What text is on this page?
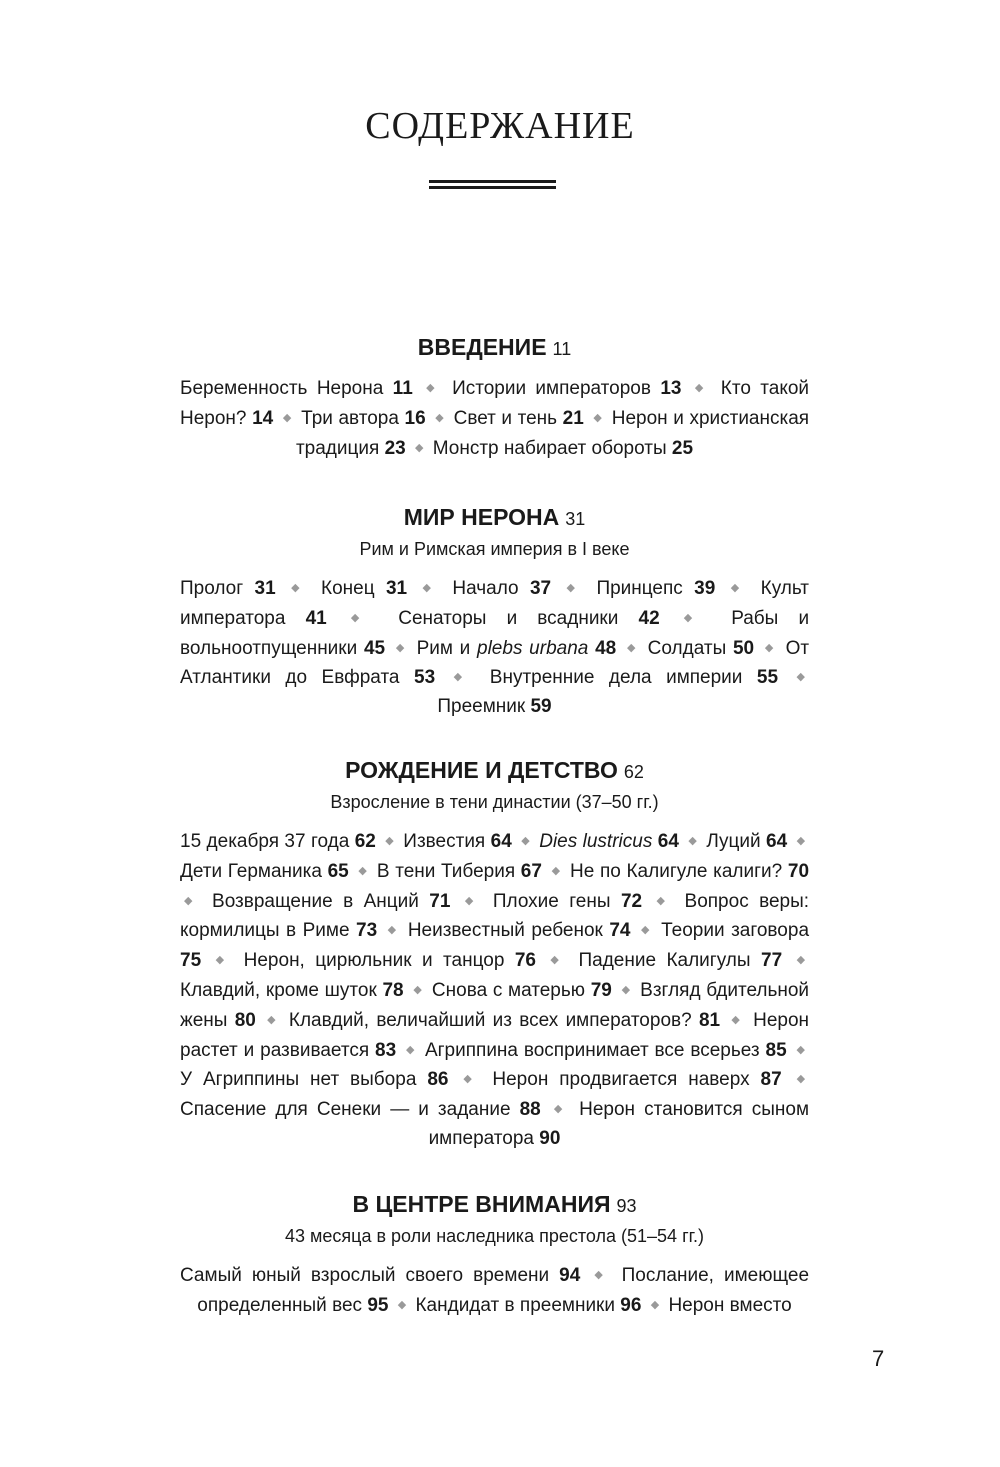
СОДЕРЖАНИЕ
ВВЕДЕНИЕ 11
Беременность Нерона 11 ◆ Истории императоров 13 ◆ Кто такой Нерон? 14 ◆ Три автора 16 ◆ Свет и тень 21 ◆ Нерон и христианская традиция 23 ◆ Монстр набирает обороты 25
МИР НЕРОНА 31
Рим и Римская империя в I веке
Пролог 31 ◆ Конец 31 ◆ Начало 37 ◆ Принцепс 39 ◆ Культ императора 41 ◆ Сенаторы и всадники 42 ◆ Рабы и вольноотпущенники 45 ◆ Рим и plebs urbana 48 ◆ Солдаты 50 ◆ От Атлантики до Евфрата 53 ◆ Внутренние дела империи 55 ◆ Преемник 59
РОЖДЕНИЕ И ДЕТСТВО 62
Взросление в тени династии (37–50 гг.)
15 декабря 37 года 62 ◆ Известия 64 ◆ Dies lustricus 64 ◆ Луций 64 ◆ Дети Германика 65 ◆ В тени Тиберия 67 ◆ Не по Калигуле калиги? 70 ◆ Возвращение в Анций 71 ◆ Плохие гены 72 ◆ Вопрос веры: кормилицы в Риме 73 ◆ Неизвестный ребенок 74 ◆ Теории заговора 75 ◆ Нерон, цирюльник и танцор 76 ◆ Падение Калигулы 77 ◆ Клавдий, кроме шуток 78 ◆ Снова с матерью 79 ◆ Взгляд бдительной жены 80 ◆ Клавдий, величайший из всех императоров? 81 ◆ Нерон растет и развивается 83 ◆ Агриппина воспринимает все всерьез 85 ◆ У Агриппины нет выбора 86 ◆ Нерон продвигается наверх 87 ◆ Спасение для Сенеки — и задание 88 ◆ Нерон становится сыном императора 90
В ЦЕНТРЕ ВНИМАНИЯ 93
43 месяца в роли наследника престола (51–54 гг.)
Самый юный взрослый своего времени 94 ◆ Послание, имеющее определенный вес 95 ◆ Кандидат в преемники 96 ◆ Нерон вместо
7
